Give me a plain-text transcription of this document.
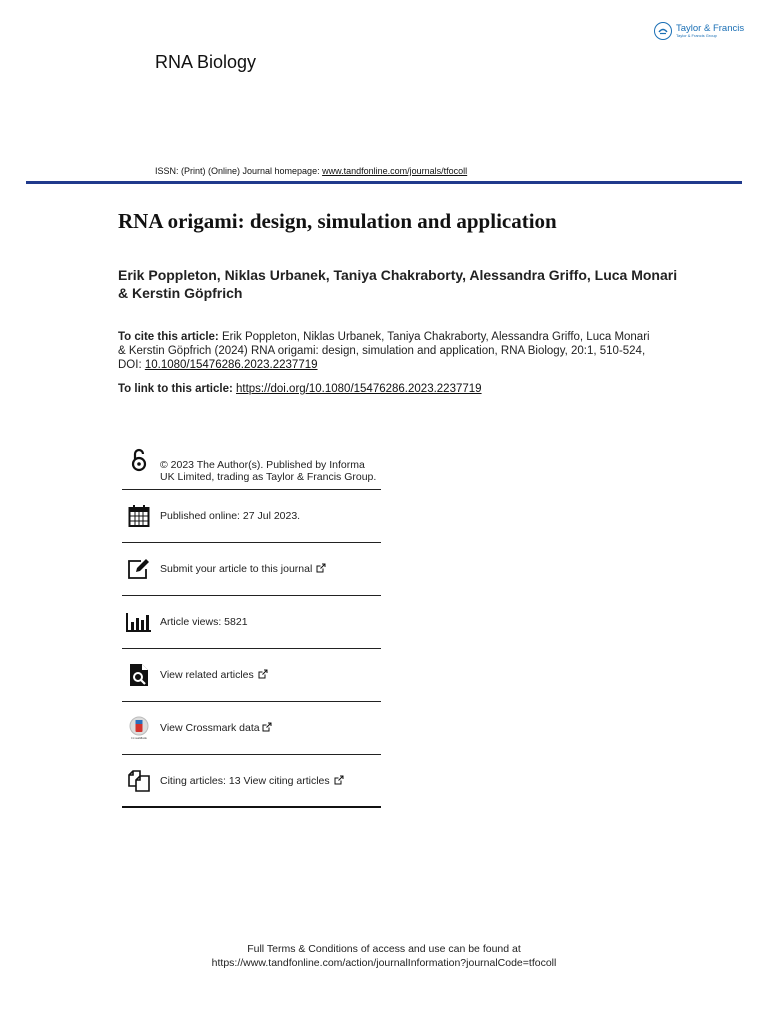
Taylor & Francis
Taylor & Francis Group
RNA Biology
ISSN: (Print) (Online) Journal homepage: www.tandfonline.com/journals/tfocoll
RNA origami: design, simulation and application
Erik Poppleton, Niklas Urbanek, Taniya Chakraborty, Alessandra Griffo, Luca Monari & Kerstin Göpfrich
To cite this article: Erik Poppleton, Niklas Urbanek, Taniya Chakraborty, Alessandra Griffo, Luca Monari & Kerstin Göpfrich (2024) RNA origami: design, simulation and application, RNA Biology, 20:1, 510-524, DOI: 10.1080/15476286.2023.2237719
To link to this article: https://doi.org/10.1080/15476286.2023.2237719
© 2023 The Author(s). Published by Informa UK Limited, trading as Taylor & Francis Group.
Published online: 27 Jul 2023.
Submit your article to this journal
Article views: 5821
View related articles
CrossMark
View Crossmark data
Citing articles: 13 View citing articles
Full Terms & Conditions of access and use can be found at
https://www.tandfonline.com/action/journalInformation?journalCode=tfocoll
